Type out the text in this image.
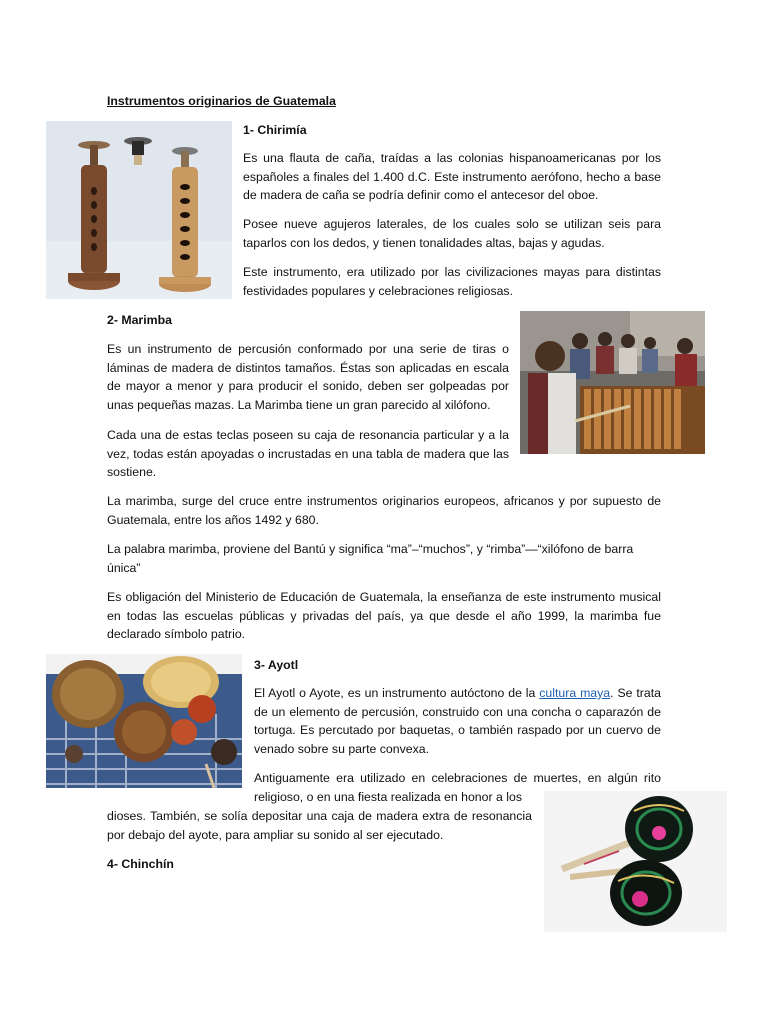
Instrumentos originarios de Guatemala
1- Chirimía

Es una flauta de caña, traídas a las colonias hispanoamericanas por los españoles a finales del 1.400 d.C. Este instrumento aerófono, hecho a base de madera de caña se podría definir como el antecesor del oboe.

Posee nueve agujeros laterales, de los cuales solo se utilizan seis para taparlos con los dedos, y tienen tonalidades altas, bajas y agudas.

Este instrumento, era utilizado por las civilizaciones mayas para distintas festividades populares y celebraciones religiosas.

2- Marimba

Es un instrumento de percusión conformado por una serie de tiras o láminas de madera de distintos tamaños. Éstas son aplicadas en escala de mayor a menor y para producir el sonido, deben ser golpeadas por unas pequeñas mazas. La Marimba tiene un gran parecido al xilófono.

Cada una de estas teclas poseen su caja de resonancia particular y a la vez, todas están apoyadas o incrustadas en una tabla de madera que las sostiene.

La marimba, surge del cruce entre instrumentos originarios europeos, africanos y por supuesto de Guatemala, entre los años 1492 y 680.

La palabra marimba, proviene del Bantú y significa “ma”–“muchos”, y “rimba”—“xilófono de barra única”

Es obligación del Ministerio de Educación de Guatemala, la enseñanza de este instrumento musical en todas las escuelas públicas y privadas del país, ya que desde el año 1999, la marimba fue declarado símbolo patrio.

3- Ayotl

El Ayotl o Ayote, es un instrumento autóctono de la cultura maya. Se trata de un elemento de percusión, construido con una concha o caparazón de tortuga. Es percutado por baquetas, o también raspado por un cuervo de venado sobre su parte convexa.

Antiguamente era utilizado en celebraciones de muertes, en algún rito religioso, o en una fiesta realizada en honor a los

dioses. También, se solía depositar una caja de madera extra de resonancia por debajo del ayote, para ampliar su sonido al ser ejecutado.

4- Chinchín
